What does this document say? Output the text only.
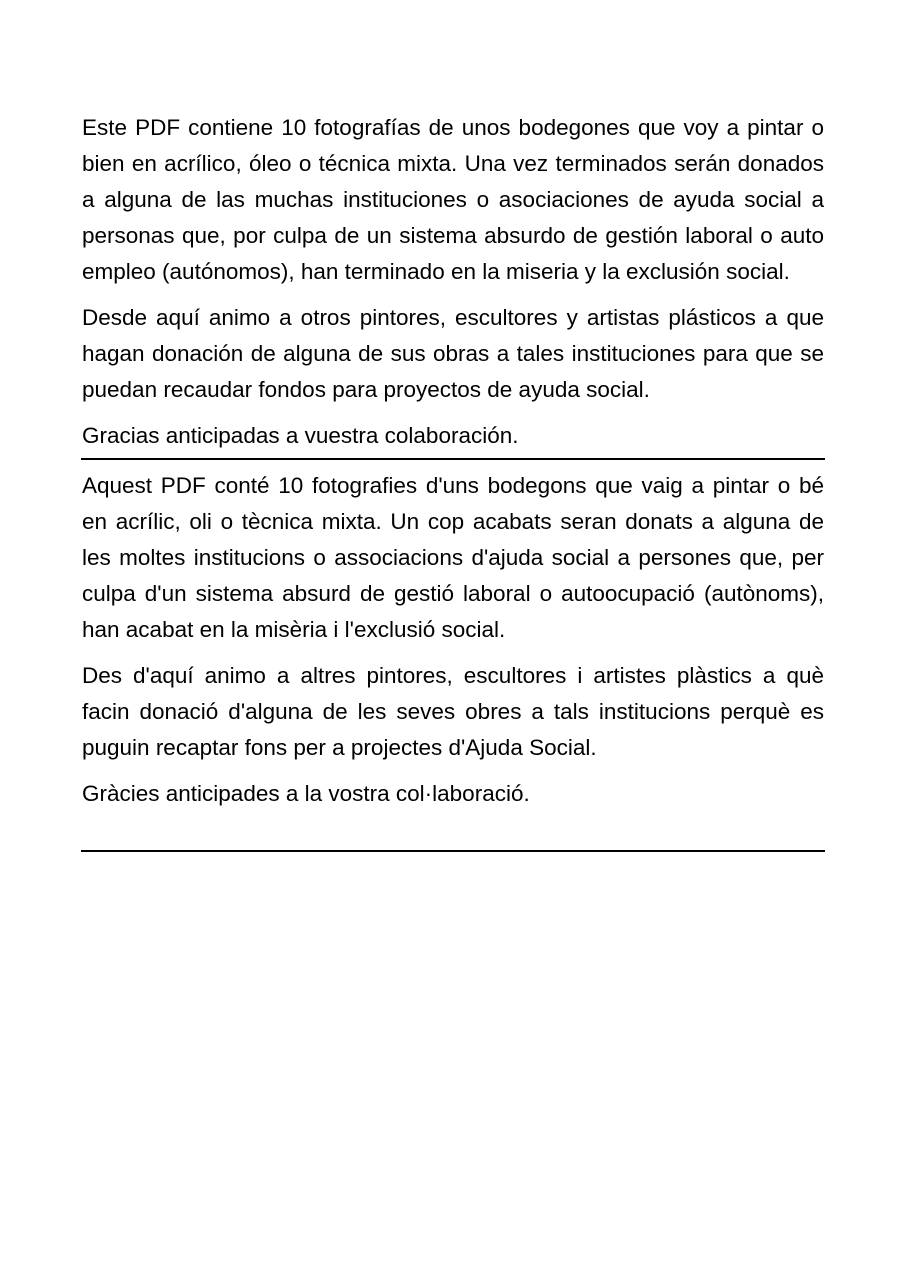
Este PDF contiene 10 fotografías de unos bodegones que voy a pintar o bien en acrílico, óleo o técnica mixta. Una vez terminados serán donados a alguna de las muchas instituciones o asociaciones de ayuda social a personas que, por culpa de un sistema absurdo de gestión laboral o auto empleo (autónomos), han terminado en la miseria y la exclusión social.

Desde aquí animo a otros pintores, escultores y artistas plásticos a que hagan donación de alguna de sus obras a tales instituciones para que se puedan recaudar fondos para proyectos de ayuda social.

Gracias anticipadas a vuestra colaboración.

Aquest PDF conté 10 fotografies d'uns bodegons que vaig a pintar o bé en acrílic, oli o tècnica mixta. Un cop acabats seran donats a alguna de les moltes institucions o associacions d'ajuda social a persones que, per culpa d'un sistema absurd de gestió laboral o autoocupació (autònoms), han acabat en la misèria i l'exclusió social.

Des d'aquí animo a altres pintores, escultores i artistes plàstics a què facin donació d'alguna de les seves obres a tals institucions perquè es puguin recaptar fons per a projectes d'Ajuda Social.

Gràcies anticipades a la vostra col·laboració.
